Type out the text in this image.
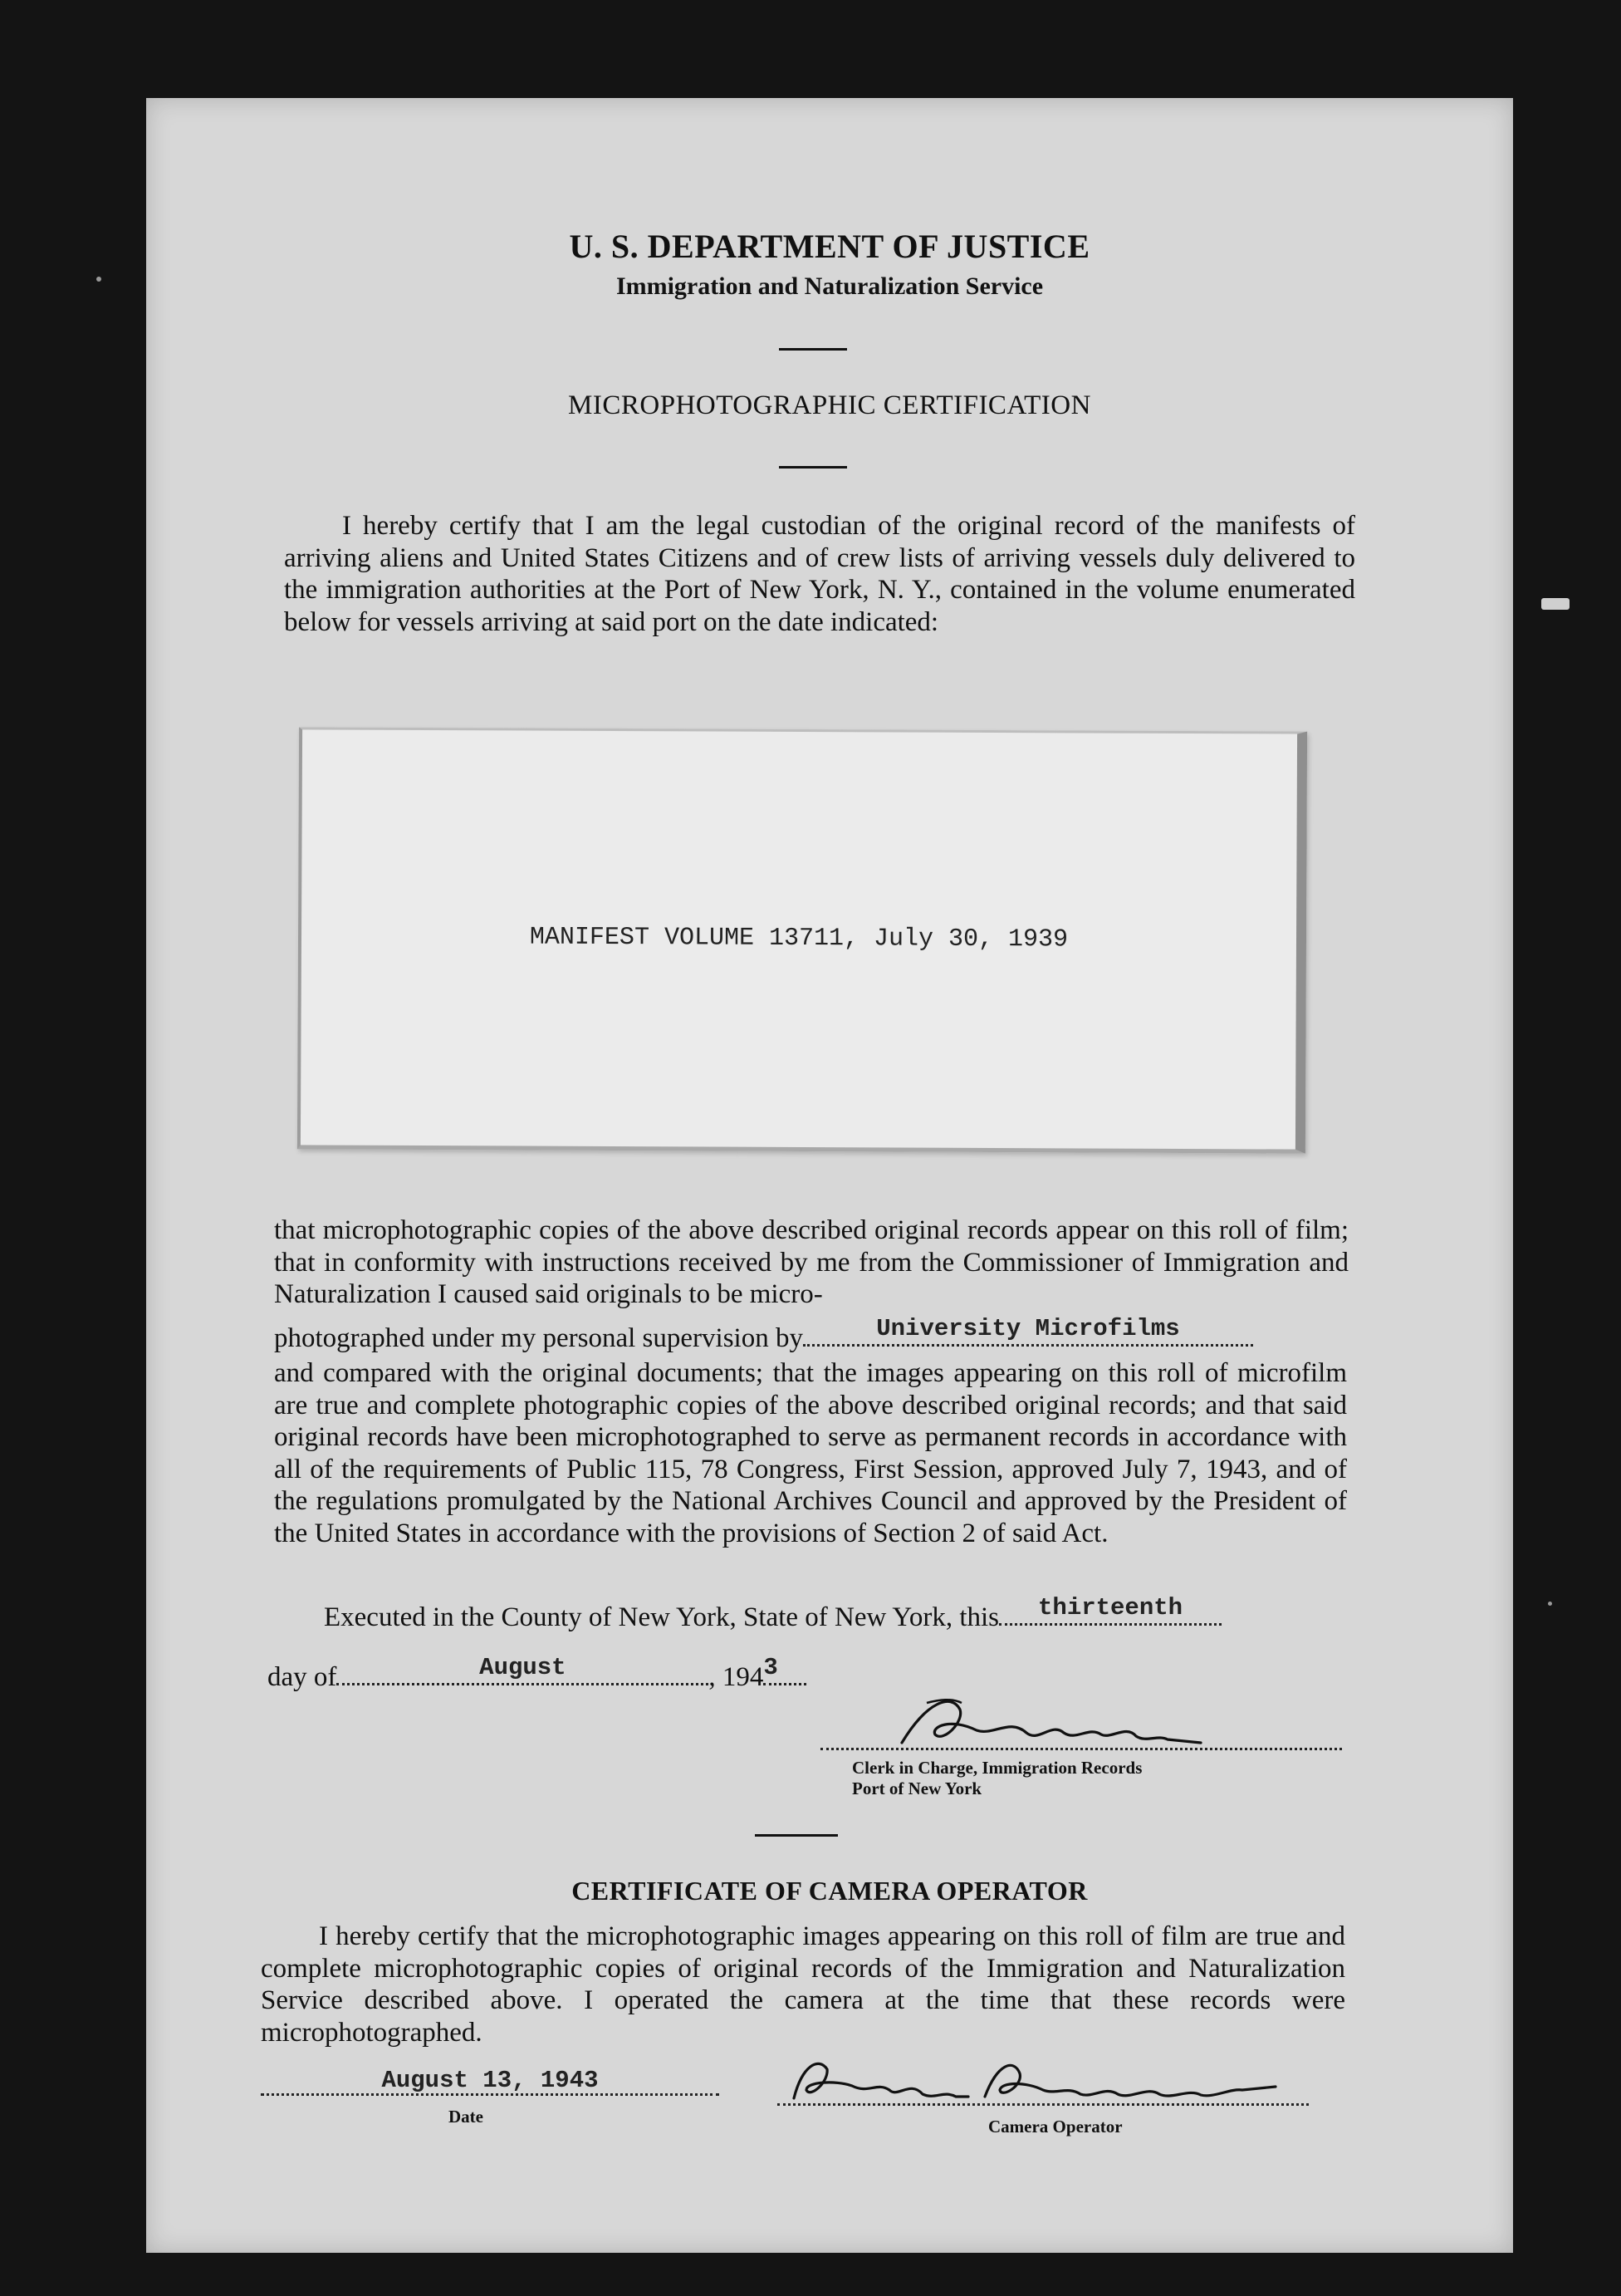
U. S. DEPARTMENT OF JUSTICE
Immigration and Naturalization Service
MICROPHOTOGRAPHIC CERTIFICATION

I hereby certify that I am the legal custodian of the original record of the manifests of arriving aliens and United States Citizens and of crew lists of arriving vessels duly delivered to the immigration authorities at the Port of New York, N. Y., contained in the volume enumerated below for vessels arriving at said port on the date indicated:

MANIFEST VOLUME 13711, July 30, 1939

that microphotographic copies of the above described original records appear on this roll of film; that in conformity with instructions received by me from the Commissioner of Immigration and Naturalization I caused said originals to be micro-

photographed under my personal supervision by	University Microfilms

and compared with the original documents; that the images appearing on this roll of microfilm are true and complete photographic copies of the above described original records; and that said original records have been microphotographed to serve as permanent records in accordance with all of the requirements of Public 115, 78 Congress, First Session, approved July 7, 1943, and of the regulations promulgated by the National Archives Council and approved by the President of the United States in accordance with the provisions of Section 2 of said Act.

Executed in the County of New York, State of New York, this	thirteenth
day of	August	, 194 3
Clerk in Charge, Immigration Records
Port of New York
CERTIFICATE OF CAMERA OPERATOR

I hereby certify that the microphotographic images appearing on this roll of film are true and complete microphotographic copies of original records of the Immigration and Naturalization Service described above. I operated the camera at the time that these records were microphotographed.

August 13, 1943
Date	Camera Operator
